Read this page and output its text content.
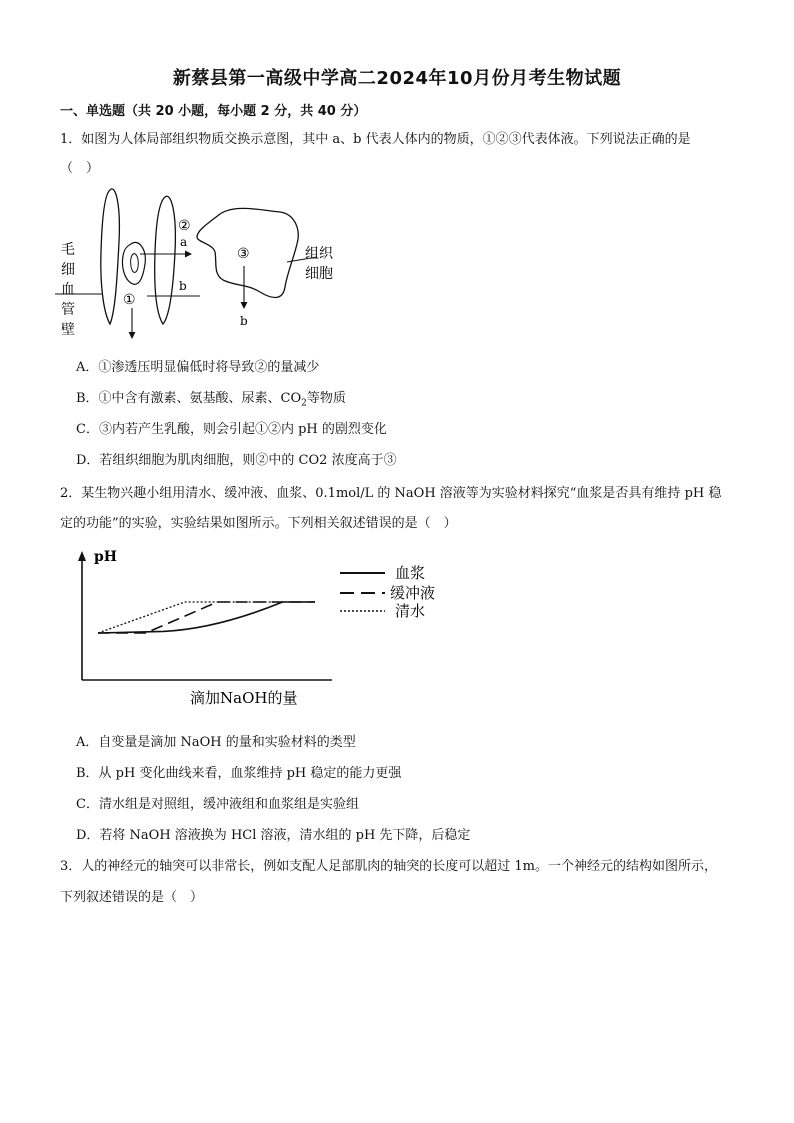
新蔡县第一高级中学高二2024年10月份月考生物试题
一、单选题（共 20 小题，每小题 2 分，共 40 分）
1．如图为人体局部组织物质交换示意图，其中 a、b 代表人体内的物质，①②③代表体液。下列说法正确的是
（　）
②
a
b
①
③
b
毛
细
血
管
壁
组织
细胞
A．①渗透压明显偏低时将导致②的量减少
B．①中含有激素、氨基酸、尿素、$CO_2$等物质
C．③内若产生乳酸，则会引起①②内 pH 的剧烈变化
D．若组织细胞为肌肉细胞，则②中的 CO2 浓度高于③
2．某生物兴趣小组用清水、缓冲液、血浆、0.1mol/L 的 NaOH 溶液等为实验材料探究“血浆是否具有维持 pH 稳
定的功能”的实验，实验结果如图所示。下列相关叙述错误的是（　）
pH
滴加NaOH的量
血浆
缓冲液
清水
A．自变量是滴加 NaOH 的量和实验材料的类型
B．从 pH 变化曲线来看，血浆维持 pH 稳定的能力更强
C．清水组是对照组，缓冲液组和血浆组是实验组
D．若将 NaOH 溶液换为 HCl 溶液，清水组的 pH 先下降，后稳定
3．人的神经元的轴突可以非常长，例如支配人足部肌肉的轴突的长度可以超过 1m。一个神经元的结构如图所示，
下列叙述错误的是（　）
